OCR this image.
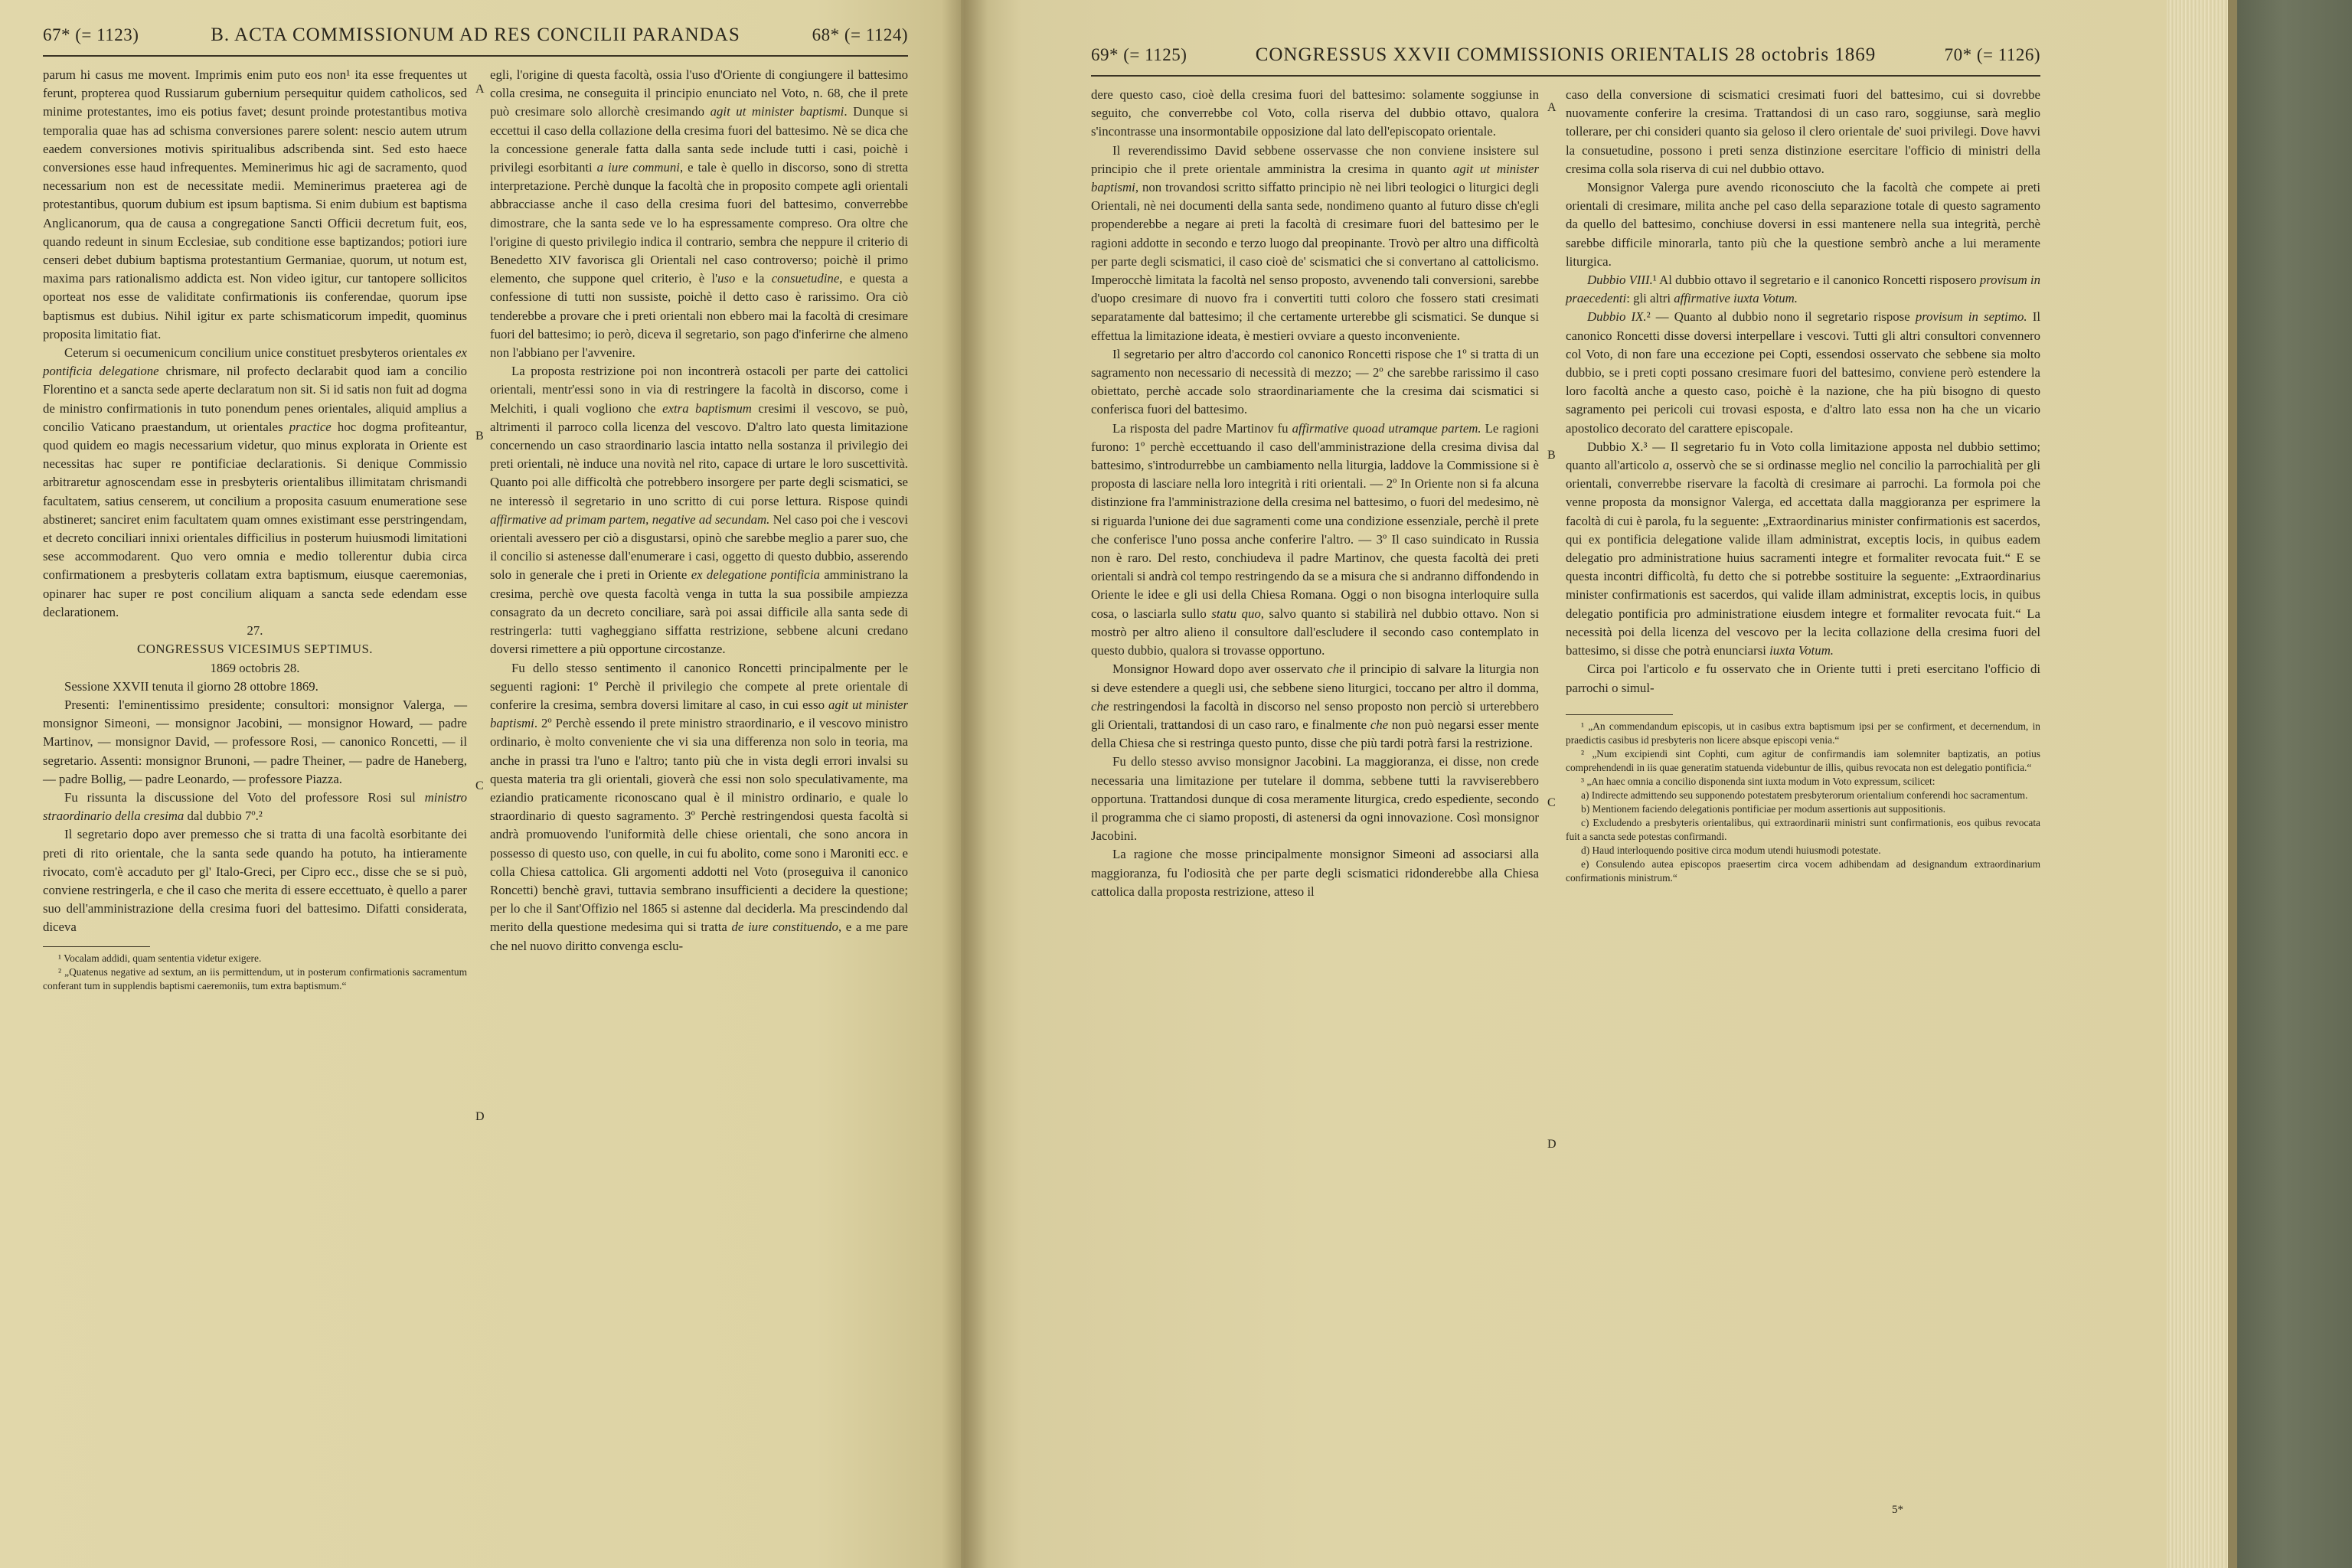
67* (= 1123)	B. ACTA COMMISSIONUM AD RES CONCILII PARANDAS	68* (= 1124)

parum hi casus me movent. Imprimis enim puto eos non¹ ita esse frequentes ut ferunt, propterea quod Russiarum gubernium persequitur quidem catholicos, sed minime protestantes, imo eis potius favet; desunt proinde protestantibus motiva temporalia quae has ad schisma conversiones parere solent: nescio autem utrum eaedem conversiones motivis spiritualibus adscribenda sint. Sed esto haece conversiones esse haud infrequentes. Meminerimus hic agi de sacramento, quod necessarium non est de necessitate medii. Meminerimus praeterea agi de protestantibus, quorum dubium est ipsum baptisma. Si enim dubium est baptisma Anglicanorum, qua de causa a congregatione Sancti Officii decretum fuit, eos, quando redeunt in sinum Ecclesiae, sub conditione esse baptizandos; potiori iure censeri debet dubium baptisma protestantium Germaniae, quorum, ut notum est, maxima pars rationalismo addicta est. Non video igitur, cur tantopere sollicitos oporteat nos esse de validitate confirmationis iis conferendae, quorum ipse baptismus est dubius. Nihil igitur ex parte schismaticorum impedit, quominus proposita limitatio fiat.

Ceterum si oecumenicum concilium unice constituet presbyteros orientales ex pontificia delegatione chrismare, nil profecto declarabit quod iam a concilio Florentino et a sancta sede aperte declaratum non sit. Si id satis non fuit ad dogma de ministro confirmationis in tuto ponendum penes orientales, aliquid amplius a concilio Vaticano praestandum, ut orientales practice hoc dogma profiteantur, quod quidem eo magis necessarium videtur, quo minus explorata in Oriente est necessitas hac super re pontificiae declarationis. Si denique Commissio arbitraretur agnoscendam esse in presbyteris orientalibus illimitatam chrismandi facultatem, satius censerem, ut concilium a proposita casuum enumeratione sese abstineret; sanciret enim facultatem quam omnes existimant esse perstringendam, et decreto conciliari innixi orientales difficilius in posterum huiusmodi limitationi sese accommodarent. Quo vero omnia e medio tollerentur dubia circa confirmationem a presbyteris collatam extra baptismum, eiusque caeremonias, opinarer hac super re post concilium aliquam a sancta sede edendam esse declarationem.

27.

CONGRESSUS VICESIMUS SEPTIMUS.

1869 octobris 28.

Sessione XXVII tenuta il giorno 28 ottobre 1869.

Presenti: l'eminentissimo presidente; consultori: monsignor Valerga, — monsignor Simeoni, — monsignor Jacobini, — monsignor Howard, — padre Martinov, — monsignor David, — professore Rosi, — canonico Roncetti, — il segretario. Assenti: monsignor Brunoni, — padre Theiner, — padre de Haneberg, — padre Bollig, — padre Leonardo, — professore Piazza.

Fu rissunta la discussione del Voto del professore Rosi sul ministro straordinario della cresima dal dubbio 7º.²

Il segretario dopo aver premesso che si tratta di una facoltà esorbitante dei preti di rito orientale, che la santa sede quando ha potuto, ha intieramente rivocato, com'è accaduto per gl' Italo-Greci, per Cipro ecc., disse che se si può, conviene restringerla, e che il caso che merita di essere eccettuato, è quello a parer suo dell'amministrazione della cresima fuori del battesimo. Difatti considerata, diceva

¹ Vocalam addidi, quam sententia videtur exigere.

² „Quatenus negative ad sextum, an iis permittendum, ut in posterum confirmationis sacramentum conferant tum in supplendis baptismi caeremoniis, tum extra baptismum.“

egli, l'origine di questa facoltà, ossia l'uso d'Oriente di congiungere il battesimo colla cresima, ne conseguita il principio enunciato nel Voto, n. 68, che il prete può cresimare solo allorchè cresimando agit ut minister baptismi. Dunque si eccettui il caso della collazione della cresima fuori del battesimo. Nè se dica che la concessione generale fatta dalla santa sede include tutti i casi, poichè i privilegi esorbitanti a iure communi, e tale è quello in discorso, sono di stretta interpretazione. Perchè dunque la facoltà che in proposito compete agli orientali abbracciasse anche il caso della cresima fuori del battesimo, converrebbe dimostrare, che la santa sede ve lo ha espressamente compreso. Ora oltre che l'origine di questo privilegio indica il contrario, sembra che neppure il criterio di Benedetto XIV favorisca gli Orientali nel caso controverso; poichè il primo elemento, che suppone quel criterio, è l'uso e la consuetudine, e questa a confessione di tutti non sussiste, poichè il detto caso è rarissimo. Ora ciò tenderebbe a provare che i preti orientali non ebbero mai la facoltà di cresimare fuori del battesimo; io però, diceva il segretario, son pago d'inferirne che almeno non l'abbiano per l'avvenire.

La proposta restrizione poi non incontrerà ostacoli per parte dei cattolici orientali, mentr'essi sono in via di restringere la facoltà in discorso, come i Melchiti, i quali vogliono che extra baptismum cresimi il vescovo, se può, altrimenti il parroco colla licenza del vescovo. D'altro lato questa limitazione concernendo un caso straordinario lascia intatto nella sostanza il privilegio dei preti orientali, nè induce una novità nel rito, capace di urtare le loro suscettività. Quanto poi alle difficoltà che potrebbero insorgere per parte degli scismatici, se ne interessò il segretario in uno scritto di cui porse lettura. Rispose quindi affirmative ad primam partem, negative ad secundam. Nel caso poi che i vescovi orientali avessero per ciò a disgustarsi, opinò che sarebbe meglio a parer suo, che il concilio si astenesse dall'enumerare i casi, oggetto di questo dubbio, asserendo solo in generale che i preti in Oriente ex delegatione pontificia amministrano la cresima, perchè ove questa facoltà venga in tutta la sua possibile ampiezza consagrato da un decreto conciliare, sarà poi assai difficile alla santa sede di restringerla: tutti vagheggiano siffatta restrizione, sebbene alcuni credano doversi rimettere a più opportune circostanze.

Fu dello stesso sentimento il canonico Roncetti principalmente per le seguenti ragioni: 1º Perchè il privilegio che compete al prete orientale di conferire la cresima, sembra doversi limitare al caso, in cui esso agit ut minister baptismi. 2º Perchè essendo il prete ministro straordinario, e il vescovo ministro ordinario, è molto conveniente che vi sia una differenza non solo in teoria, ma anche in prassi tra l'uno e l'altro; tanto più che in vista degli errori invalsi su questa materia tra gli orientali, gioverà che essi non solo speculativamente, ma eziandio praticamente riconoscano qual è il ministro ordinario, e quale lo straordinario di questo sagramento. 3º Perchè restringendosi questa facoltà si andrà promuovendo l'uniformità delle chiese orientali, che sono ancora in possesso di questo uso, con quelle, in cui fu abolito, come sono i Maroniti ecc. e colla Chiesa cattolica. Gli argomenti addotti nel Voto (proseguiva il canonico Roncetti) benchè gravi, tuttavia sembrano insufficienti a decidere la questione; per lo che il Sant'Offizio nel 1865 si astenne dal deciderla. Ma prescindendo dal merito della questione medesima qui si tratta de iure constituendo, e a me pare che nel nuovo diritto convenga esclu-

A
B
C
D
69* (= 1125)	CONGRESSUS XXVII COMMISSIONIS ORIENTALIS 28 octobris 1869	70* (= 1126)

dere questo caso, cioè della cresima fuori del battesimo: solamente soggiunse in seguito, che converrebbe col Voto, colla riserva del dubbio ottavo, qualora s'incontrasse una insormontabile opposizione dal lato dell'episcopato orientale.

Il reverendissimo David sebbene osservasse che non conviene insistere sul principio che il prete orientale amministra la cresima in quanto agit ut minister baptismi, non trovandosi scritto siffatto principio nè nei libri teologici o liturgici degli Orientali, nè nei documenti della santa sede, nondimeno quanto al futuro disse ch'egli propenderebbe a negare ai preti la facoltà di cresimare fuori del battesimo per le ragioni addotte in secondo e terzo luogo dal preopinante. Trovò per altro una difficoltà per parte degli scismatici, il caso cioè de' scismatici che si convertano al cattolicismo. Imperocchè limitata la facoltà nel senso proposto, avvenendo tali conversioni, sarebbe d'uopo cresimare di nuovo fra i convertiti tutti coloro che fossero stati cresimati separatamente dal battesimo; il che certamente urterebbe gli scismatici. Se dunque si effettua la limitazione ideata, è mestieri ovviare a questo inconveniente.

Il segretario per altro d'accordo col canonico Roncetti rispose che 1º si tratta di un sagramento non necessario di necessità di mezzo; — 2º che sarebbe rarissimo il caso obiettato, perchè accade solo straordinariamente che la cresima dai scismatici si conferisca fuori del battesimo.

La risposta del padre Martinov fu affirmative quoad utramque partem. Le ragioni furono: 1º perchè eccettuando il caso dell'amministrazione della cresima divisa dal battesimo, s'introdurrebbe un cambiamento nella liturgia, laddove la Commissione si è proposta di lasciare nella loro integrità i riti orientali. — 2º In Oriente non si fa alcuna distinzione fra l'amministrazione della cresima nel battesimo, o fuori del medesimo, nè si riguarda l'unione dei due sagramenti come una condizione essenziale, perchè il prete che conferisce l'uno possa anche conferire l'altro. — 3º Il caso suindicato in Russia non è raro. Del resto, conchiudeva il padre Martinov, che questa facoltà dei preti orientali si andrà col tempo restringendo da se a misura che si andranno diffondendo in Oriente le idee e gli usi della Chiesa Romana. Oggi o non bisogna interloquire sulla cosa, o lasciarla sullo statu quo, salvo quanto si stabilirà nel dubbio ottavo. Non si mostrò per altro alieno il consultore dall'escludere il secondo caso contemplato in questo dubbio, qualora si trovasse opportuno.

Monsignor Howard dopo aver osservato che il principio di salvare la liturgia non si deve estendere a quegli usi, che sebbene sieno liturgici, toccano per altro il domma, che restringendosi la facoltà in discorso nel senso proposto non perciò si urterebbero gli Orientali, trattandosi di un caso raro, e finalmente che non può negarsi esser mente della Chiesa che si restringa questo punto, disse che più tardi potrà farsi la restrizione.

Fu dello stesso avviso monsignor Jacobini. La maggioranza, ei disse, non crede necessaria una limitazione per tutelare il domma, sebbene tutti la ravviserebbero opportuna. Trattandosi dunque di cosa meramente liturgica, credo espediente, secondo il programma che ci siamo proposti, di astenersi da ogni innovazione. Così monsignor Jacobini.

La ragione che mosse principalmente monsignor Simeoni ad associarsi alla maggioranza, fu l'odiosità che per parte degli scismatici ridonderebbe alla Chiesa cattolica dalla proposta restrizione, atteso il

caso della conversione di scismatici cresimati fuori del battesimo, cui si dovrebbe nuovamente conferire la cresima. Trattandosi di un caso raro, soggiunse, sarà meglio tollerare, per chi consideri quanto sia geloso il clero orientale de' suoi privilegi. Dove havvi la consuetudine, possono i preti senza distinzione esercitare l'officio di ministri della cresima colla sola riserva di cui nel dubbio ottavo.

Monsignor Valerga pure avendo riconosciuto che la facoltà che compete ai preti orientali di cresimare, milita anche pel caso della separazione totale di questo sagramento da quello del battesimo, conchiuse doversi in essi mantenere nella sua integrità, perchè sarebbe difficile minorarla, tanto più che la questione sembrò anche a lui meramente liturgica.

Dubbio VIII.¹ Al dubbio ottavo il segretario e il canonico Roncetti risposero provisum in praecedenti: gli altri affirmative iuxta Votum.

Dubbio IX.² — Quanto al dubbio nono il segretario rispose provisum in septimo. Il canonico Roncetti disse doversi interpellare i vescovi. Tutti gli altri consultori convennero col Voto, di non fare una eccezione pei Copti, essendosi osservato che sebbene sia molto dubbio, se i preti copti possano cresimare fuori del battesimo, conviene però estendere la loro facoltà anche a questo caso, poichè è la nazione, che ha più bisogno di questo sagramento pei pericoli cui trovasi esposta, e d'altro lato essa non ha che un vicario apostolico decorato del carattere episcopale.

Dubbio X.³ — Il segretario fu in Voto colla limitazione apposta nel dubbio settimo; quanto all'articolo a, osservò che se si ordinasse meglio nel concilio la parrochialità per gli orientali, converrebbe riservare la facoltà di cresimare ai parrochi. La formola poi che venne proposta da monsignor Valerga, ed accettata dalla maggioranza per esprimere la facoltà di cui è parola, fu la seguente: „Extraordinarius minister confirmationis est sacerdos, qui ex pontificia delegatione valide illam administrat, exceptis locis, in quibus eadem delegatio pro administratione huius sacramenti integre et formaliter revocata fuit.“ E se questa incontri difficoltà, fu detto che si potrebbe sostituire la seguente: „Extraordinarius minister confirmationis est sacerdos, qui valide illam administrat, exceptis locis, in quibus delegatio pontificia pro administratione eiusdem integre et formaliter revocata fuit.“ La necessità poi della licenza del vescovo per la lecita collazione della cresima fuori del battesimo, si disse che potrà enunciarsi iuxta Votum.

Circa poi l'articolo e fu osservato che in Oriente tutti i preti esercitano l'officio di parrochi o simul-

¹ „An commendandum episcopis, ut in casibus extra baptismum ipsi per se confirment, et decernendum, in praedictis casibus id presbyteris non licere absque episcopi venia.“

² „Num excipiendi sint Cophti, cum agitur de confirmandis iam solemniter baptizatis, an potius comprehendendi in iis quae generatim statuenda videbuntur de illis, quibus revocata non est delegatio pontificia.“

³ „An haec omnia a concilio disponenda sint iuxta modum in Voto expressum, scilicet:

a) Indirecte admittendo seu supponendo potestatem presbyterorum orientalium conferendi hoc sacramentum.

b) Mentionem faciendo delegationis pontificiae per modum assertionis aut suppositionis.

c) Excludendo a presbyteris orientalibus, qui extraordinarii ministri sunt confirmationis, eos quibus revocata fuit a sancta sede potestas confirmandi.

d) Haud interloquendo positive circa modum utendi huiusmodi potestate.

e) Consulendo autea episcopos praesertim circa vocem adhibendam ad designandum extraordinarium confirmationis ministrum.“

A
B
C
D
5*
